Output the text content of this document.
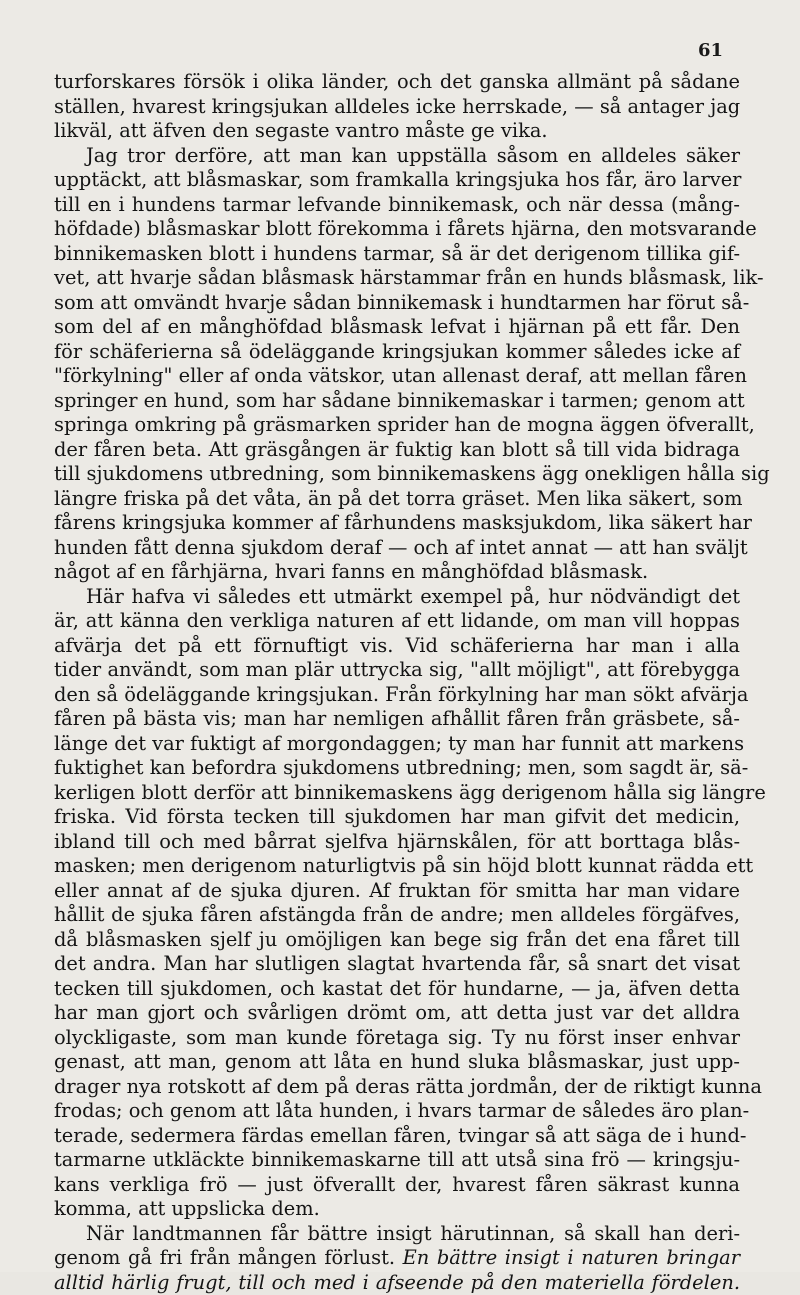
61
turforskares försök i olika länder, och det ganska allmänt på sådane
ställen, hvarest kringsjukan alldeles icke herrskade, — så antager jag
likväl, att äfven den segaste vantro måste ge vika.
Jag tror derföre, att man kan uppställa såsom en alldeles säker
upptäckt, att blåsmaskar, som framkalla kringsjuka hos får, äro larver
till en i hundens tarmar lefvande binnikemask, och när dessa (mång-
höfdade) blåsmaskar blott förekomma i fårets hjärna, den motsvarande
binnikemasken blott i hundens tarmar, så är det derigenom tillika gif-
vet, att hvarje sådan blåsmask härstammar från en hunds blåsmask, lik-
som att omvändt hvarje sådan binnikemask i hundtarmen har förut så-
som del af en månghöfdad blåsmask lefvat i hjärnan på ett får. Den
för schäferierna så ödeläggande kringsjukan kommer således icke af
"förkylning" eller af onda vätskor, utan allenast deraf, att mellan fåren
springer en hund, som har sådane binnikemaskar i tarmen; genom att
springa omkring på gräsmarken sprider han de mogna äggen öfverallt,
der fåren beta. Att gräsgången är fuktig kan blott så till vida bidraga
till sjukdomens utbredning, som binnikemaskens ägg onekligen hålla sig
längre friska på det våta, än på det torra gräset. Men lika säkert, som
fårens kringsjuka kommer af fårhundens masksjukdom, lika säkert har
hunden fått denna sjukdom deraf — och af intet annat — att han sväljt
något af en fårhjärna, hvari fanns en månghöfdad blåsmask.
Här hafva vi således ett utmärkt exempel på, hur nödvändigt det
är, att känna den verkliga naturen af ett lidande, om man vill hoppas
afvärja det på ett förnuftigt vis. Vid schäferierna har man i alla
tider användt, som man plär uttrycka sig, "allt möjligt", att förebygga
den så ödeläggande kringsjukan. Från förkylning har man sökt afvärja
fåren på bästa vis; man har nemligen afhållit fåren från gräsbete, så-
länge det var fuktigt af morgondaggen; ty man har funnit att markens
fuktighet kan befordra sjukdomens utbredning; men, som sagdt är, sä-
kerligen blott derför att binnikemaskens ägg derigenom hålla sig längre
friska. Vid första tecken till sjukdomen har man gifvit det medicin,
ibland till och med bårrat sjelfva hjärnskålen, för att borttaga blås-
masken; men derigenom naturligtvis på sin höjd blott kunnat rädda ett
eller annat af de sjuka djuren. Af fruktan för smitta har man vidare
hållit de sjuka fåren afstängda från de andre; men alldeles förgäfves,
då blåsmasken sjelf ju omöjligen kan bege sig från det ena fåret till
det andra. Man har slutligen slagtat hvartenda får, så snart det visat
tecken till sjukdomen, och kastat det för hundarne, — ja, äfven detta
har man gjort och svårligen drömt om, att detta just var det alldra
olyckligaste, som man kunde företaga sig. Ty nu först inser enhvar
genast, att man, genom att låta en hund sluka blåsmaskar, just upp-
drager nya rotskott af dem på deras rätta jordmån, der de riktigt kunna
frodas; och genom att låta hunden, i hvars tarmar de således äro plan-
terade, sedermera färdas emellan fåren, tvingar så att säga de i hund-
tarmarne utkläckte binnikemaskarne till att utså sina frö — kringsju-
kans verkliga frö — just öfverallt der, hvarest fåren säkrast kunna
komma, att uppslicka dem.
När landtmannen får bättre insigt härutinnan, så skall han deri-
genom gå fri från mången förlust. En bättre insigt i naturen bringar
alltid härlig frugt, till och med i afseende på den materiella fördelen.
